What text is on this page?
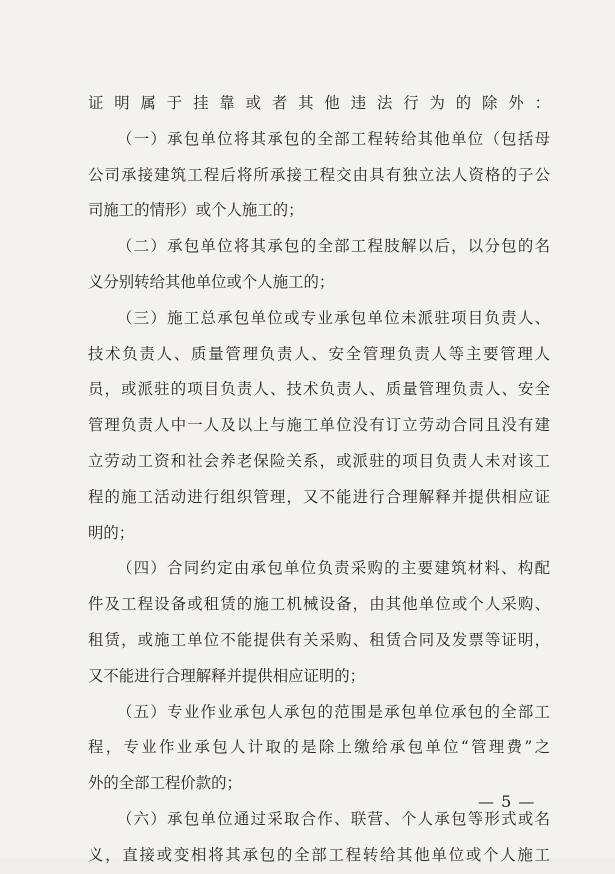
证明属于挂靠或者其他违法行为的除外：
（一）承包单位将其承包的全部工程转给其他单位（包括母
公司承接建筑工程后将所承接工程交由具有独立法人资格的子公
司施工的情形）或个人施工的；
（二）承包单位将其承包的全部工程肢解以后，以分包的名
义分别转给其他单位或个人施工的；
（三）施工总承包单位或专业承包单位未派驻项目负责人、
技术负责人、质量管理负责人、安全管理负责人等主要管理人
员，或派驻的项目负责人、技术负责人、质量管理负责人、安全
管理负责人中一人及以上与施工单位没有订立劳动合同且没有建
立劳动工资和社会养老保险关系，或派驻的项目负责人未对该工
程的施工活动进行组织管理，又不能进行合理解释并提供相应证
明的；
（四）合同约定由承包单位负责采购的主要建筑材料、构配
件及工程设备或租赁的施工机械设备，由其他单位或个人采购、
租赁，或施工单位不能提供有关采购、租赁合同及发票等证明，
又不能进行合理解释并提供相应证明的；
（五）专业作业承包人承包的范围是承包单位承包的全部工
程，专业作业承包人计取的是除上缴给承包单位“管理费”之
外的全部工程价款的；
（六）承包单位通过采取合作、联营、个人承包等形式或名
义，直接或变相将其承包的全部工程转给其他单位或个人施工
— 5 —
